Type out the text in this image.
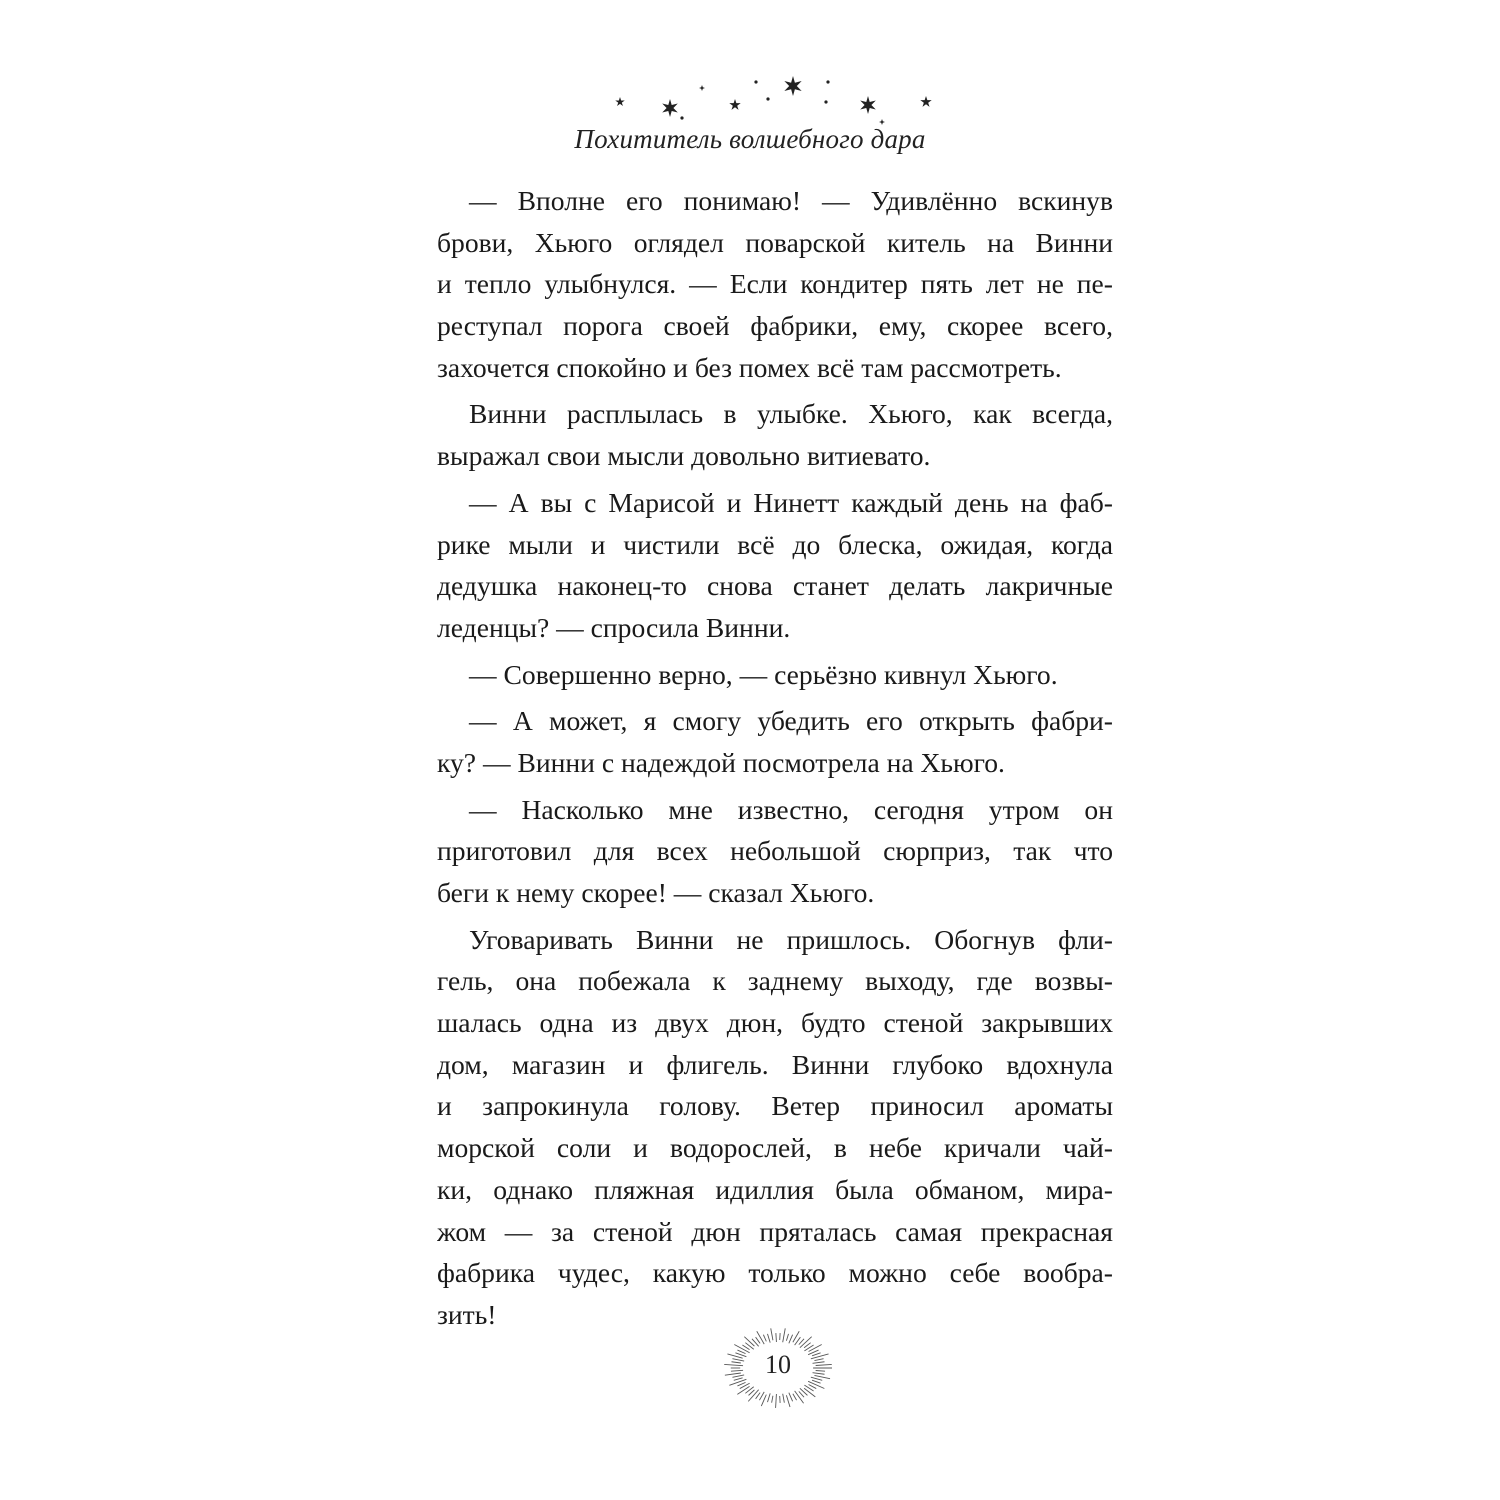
Похититель волшебного дара
— Вполне его понимаю! — Удивлённо вскинув
брови, Хьюго оглядел поварской китель на Винни
и тепло улыбнулся. — Если кондитер пять лет не пе-
реступал порога своей фабрики, ему, скорее всего,
захочется спокойно и без помех всё там рассмотреть.
Винни расплылась в улыбке. Хьюго, как всегда,
выражал свои мысли довольно витиевато.
— А вы с Марисой и Нинетт каждый день на фаб-
рике мыли и чистили всё до блеска, ожидая, когда
дедушка наконец-то снова станет делать лакричные
леденцы? — спросила Винни.
— Совершенно верно, — серьёзно кивнул Хьюго.
— А может, я смогу убедить его открыть фабри-
ку? — Винни с надеждой посмотрела на Хьюго.
— Насколько мне известно, сегодня утром он
приготовил для всех небольшой сюрприз, так что
беги к нему скорее! — сказал Хьюго.
Уговаривать Винни не пришлось. Обогнув фли-
гель, она побежала к заднему выходу, где возвы-
шалась одна из двух дюн, будто стеной закрывших
дом, магазин и флигель. Винни глубоко вдохнула
и запрокинула голову. Ветер приносил ароматы
морской соли и водорослей, в небе кричали чай-
ки, однако пляжная идиллия была обманом, мира-
жом — за стеной дюн пряталась самая прекрасная
фабрика чудес, какую только можно себе вообра-
зить!
10
